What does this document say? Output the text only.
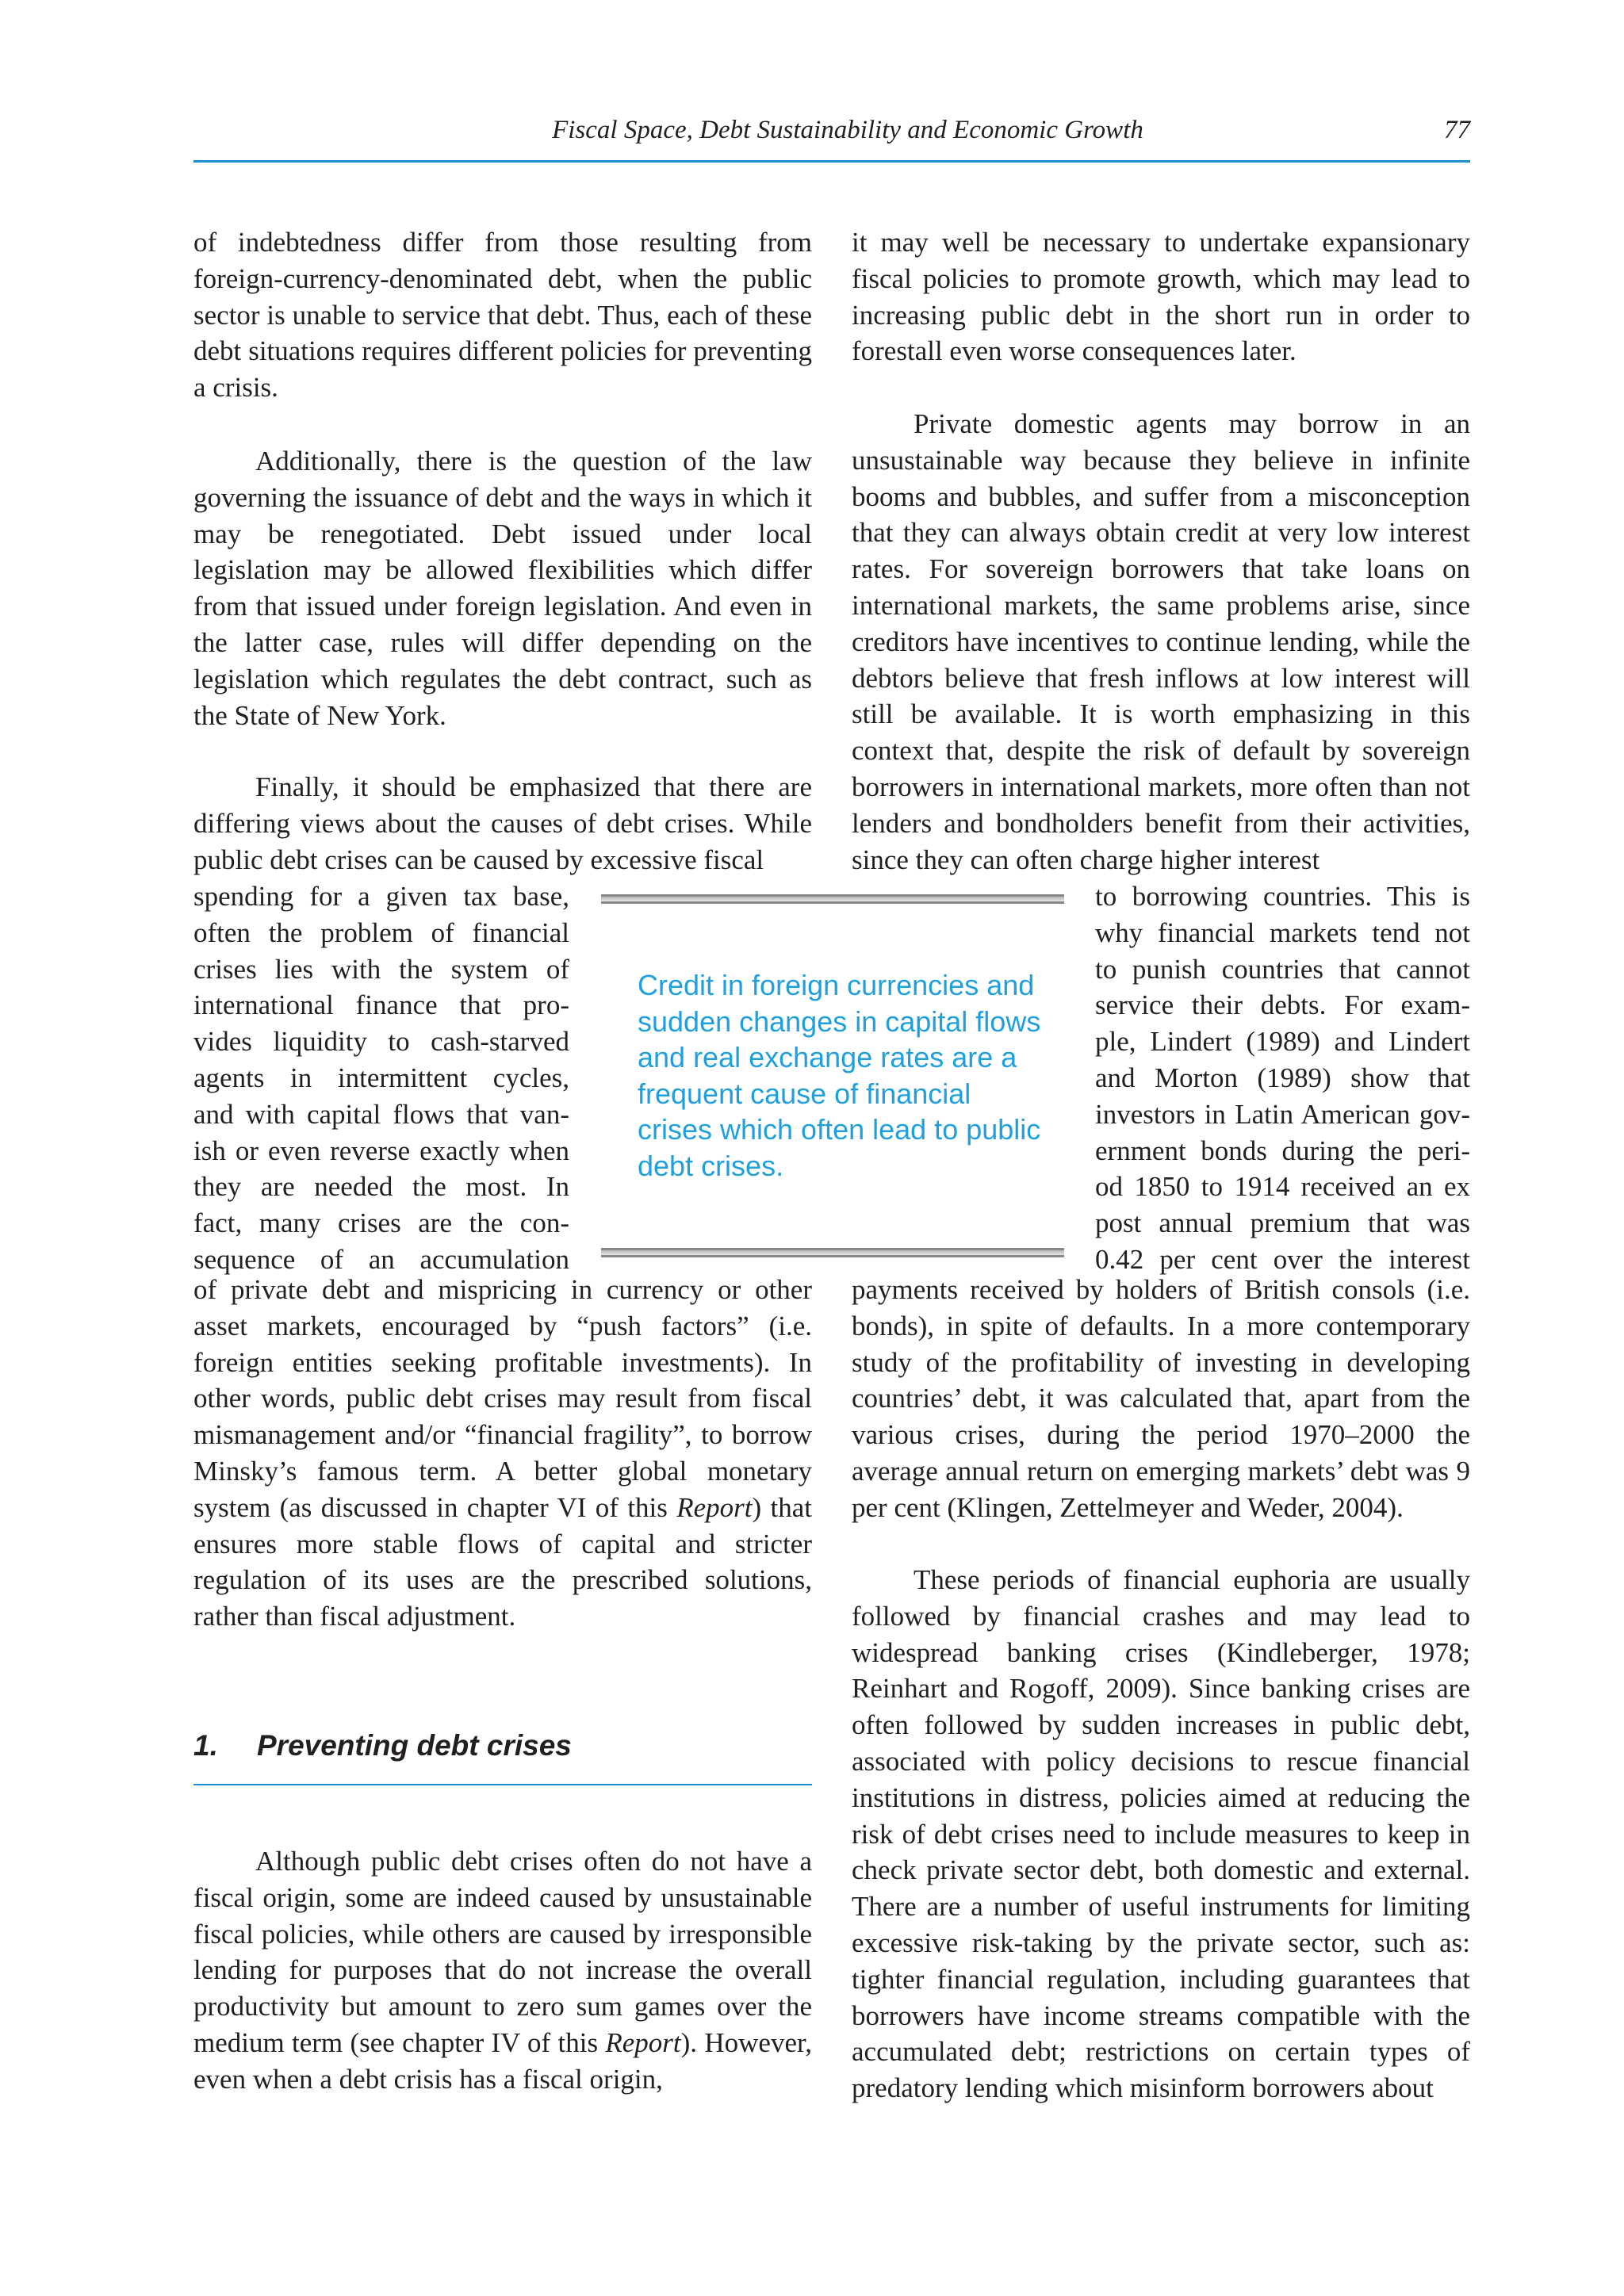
Fiscal Space, Debt Sustainability and Economic Growth	77

of indebtedness differ from those resulting from foreign-currency-denominated debt, when the public sector is unable to service that debt. Thus, each of these debt situations requires different policies for preventing a crisis.

Additionally, there is the question of the law governing the issuance of debt and the ways in which it may be renegotiated. Debt issued under local legislation may be allowed flexibilities which differ from that issued under foreign legislation. And even in the latter case, rules will differ depending on the legislation which regulates the debt contract, such as the State of New York.

Finally, it should be emphasized that there are differing views about the causes of debt crises. While public debt crises can be caused by excessive fiscal

spending for a given tax base,
often the problem of financial
crises lies with the system of
international finance that pro-
vides liquidity to cash-starved
agents in intermittent cycles,
and with capital flows that van-
ish or even reverse exactly when
they are needed the most. In
fact, many crises are the con-
sequence of an accumulation

of private debt and mispricing in currency or other asset markets, encouraged by “push factors” (i.e. foreign entities seeking profitable investments). In other words, public debt crises may result from fiscal mismanagement and/or “financial fragility”, to borrow Minsky’s famous term. A better global monetary system (as discussed in chapter VI of this Report) that ensures more stable flows of capital and stricter regulation of its uses are the prescribed solutions, rather than fiscal adjustment.

1. Preventing debt crises

Although public debt crises often do not have a fiscal origin, some are indeed caused by unsustainable fiscal policies, while others are caused by irresponsible lending for purposes that do not increase the overall productivity but amount to zero sum games over the medium term (see chapter IV of this Report). However, even when a debt crisis has a fiscal origin,

it may well be necessary to undertake expansionary fiscal policies to promote growth, which may lead to increasing public debt in the short run in order to forestall even worse consequences later.

Private domestic agents may borrow in an unsustainable way because they believe in infinite booms and bubbles, and suffer from a misconception that they can always obtain credit at very low interest rates. For sovereign borrowers that take loans on international markets, the same problems arise, since creditors have incentives to continue lending, while the debtors believe that fresh inflows at low interest will still be available. It is worth emphasizing in this context that, despite the risk of default by sovereign borrowers in international markets, more often than not lenders and bondholders benefit from their activities, since they can often charge higher interest

to borrowing countries. This is
why financial markets tend not
to punish countries that cannot
service their debts. For exam-
ple, Lindert (1989) and Lindert
and Morton (1989) show that
investors in Latin American gov-
ernment bonds during the peri-
od 1850 to 1914 received an ex
post annual premium that was
0.42 per cent over the interest

payments received by holders of British consols (i.e. bonds), in spite of defaults. In a more contemporary study of the profitability of investing in developing countries’ debt, it was calculated that, apart from the various crises, during the period 1970–2000 the average annual return on emerging markets’ debt was 9 per cent (Klingen, Zettelmeyer and Weder, 2004).

These periods of financial euphoria are usually followed by financial crashes and may lead to widespread banking crises (Kindleberger, 1978; Reinhart and Rogoff, 2009). Since banking crises are often followed by sudden increases in public debt, associated with policy decisions to rescue financial institutions in distress, policies aimed at reducing the risk of debt crises need to include measures to keep in check private sector debt, both domestic and external. There are a number of useful instruments for limiting excessive risk-taking by the private sector, such as: tighter financial regulation, including guarantees that borrowers have income streams compatible with the accumulated debt; restrictions on certain types of predatory lending which misinform borrowers about

Credit in foreign currencies and sudden changes in capital flows and real exchange rates are a frequent cause of financial crises which often lead to public debt crises.
